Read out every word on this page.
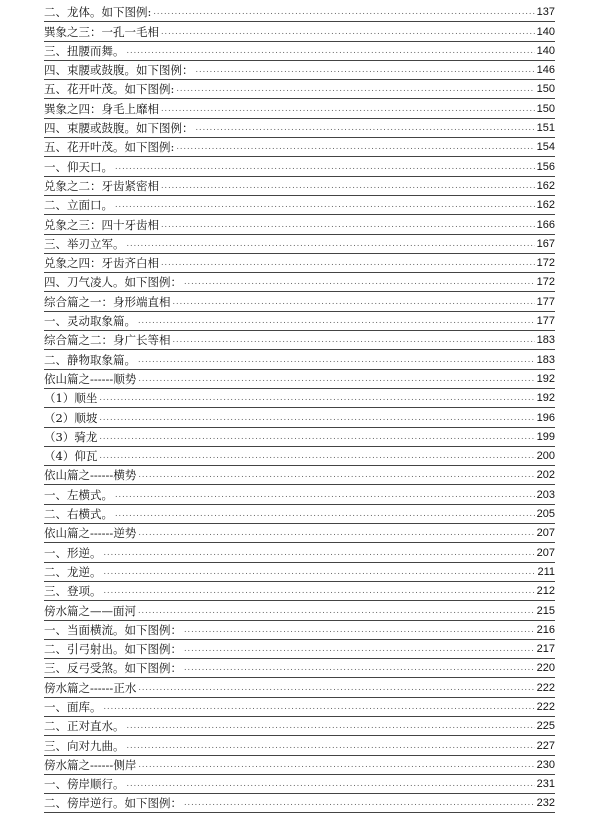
二、龙体。如下图例: .....	137
巽象之三：一孔一毛相 .....	140
三、扭腰而舞。 .....	140
四、束腰或鼓腹。如下图例： .....	146
五、花开叶茂。如下图例: .....	150
巽象之四：身毛上靡相 .....	150
四、束腰或鼓腹。如下图例： .....	151
五、花开叶茂。如下图例: .....	154
一、仰天口。 .....	156
兑象之二：牙齿紧密相 .....	162
二、立面口。 .....	162
兑象之三：四十牙齿相 .....	166
三、举刃立军。 .....	167
兑象之四：牙齿齐白相 .....	172
四、刀气凌人。如下图例： .....	172
综合篇之一：身形端直相 .....	177
一、灵动取象篇。 .....	177
综合篇之二：身广长等相 .....	183
二、静物取象篇。 .....	183
依山篇之------顺势 .....	192
（1）顺坐 .....	192
（2）顺坡 .....	196
（3）骑龙 .....	199
（4）仰瓦 .....	200
依山篇之------横势 .....	202
一、左横式。 .....	203
二、右横式。 .....	205
依山篇之------逆势 .....	207
一、形逆。 .....	207
二、龙逆。 .....	211
三、登项。 .....	212
傍水篇之——面河 .....	215
一、当面横流。如下图例： .....	216
二、引弓射出。如下图例： .....	217
三、反弓受煞。如下图例： .....	220
傍水篇之------正水 .....	222
一、面库。 .....	222
二、正对直水。 .....	225
三、向对九曲。 .....	227
傍水篇之------侧岸 .....	230
一、傍岸顺行。 .....	231
二、傍岸逆行。如下图例： .....	232
